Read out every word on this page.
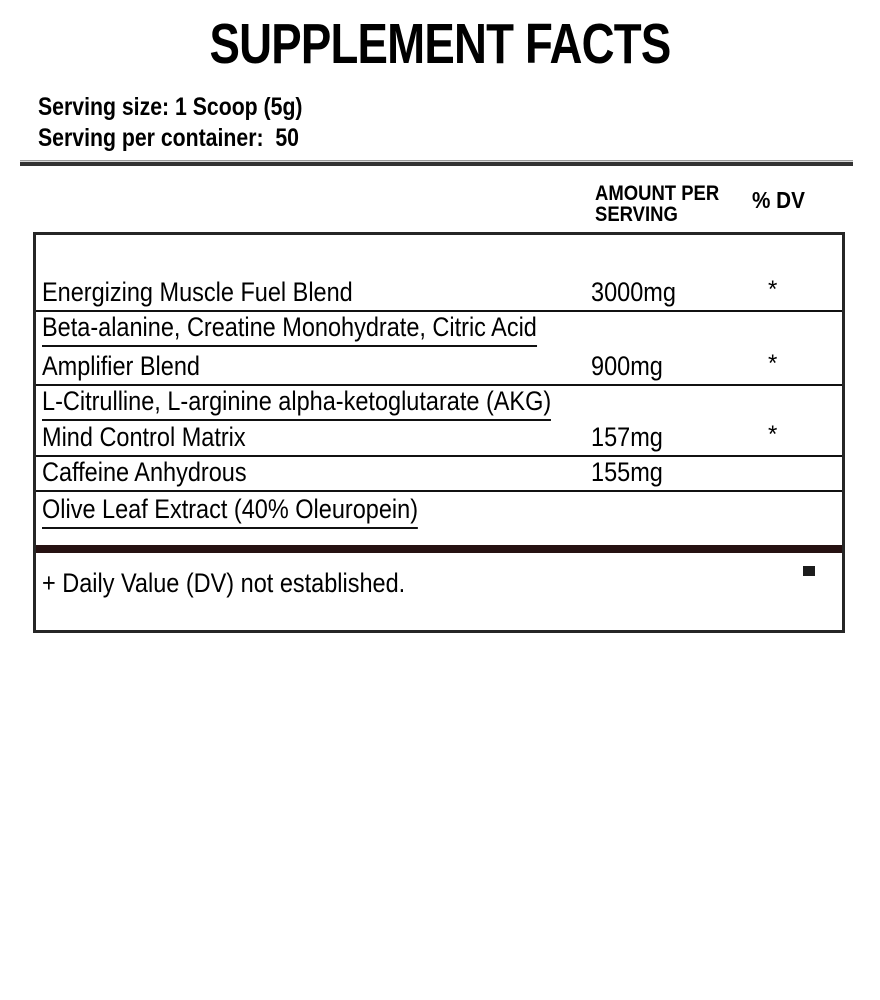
SUPPLEMENT FACTS
Serving size: 1 Scoop (5g)
Serving per container:  50
AMOUNT PER SERVING
% DV
Energizing Muscle Fuel Blend	3000mg	*
Beta-alanine, Creatine Monohydrate, Citric Acid
Amplifier Blend	900mg	*
L-Citrulline, L-arginine alpha-ketoglutarate (AKG)
Mind Control Matrix	157mg	*
Caffeine Anhydrous	155mg
Olive Leaf Extract (40% Oleuropein)
+ Daily Value (DV) not established.
